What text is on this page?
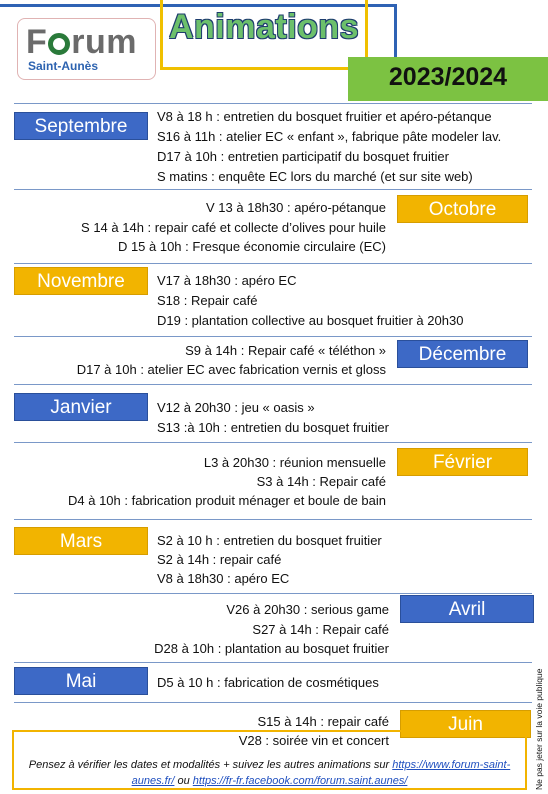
F rum
Saint-Aunès
Animations
2023/2024
Septembre	V8 à 18 h : entretien du bosquet fruitier et apéro-pétanque
S16 à 11h : atelier EC « enfant », fabrique pâte modeler lav.
D17 à 10h : entretien participatif du bosquet fruitier
S matins : enquête EC lors du marché (et sur site web)
Octobre
V 13 à 18h30 : apéro-pétanque
S 14 à 14h : repair café et collecte d’olives pour huile
D 15 à 10h : Fresque économie circulaire (EC)
Novembre	V17 à 18h30 : apéro EC
S18 : Repair café
D19 : plantation collective au bosquet fruitier à 20h30
Décembre
S9 à 14h : Repair café « téléthon »
D17 à 10h : atelier EC avec fabrication vernis et gloss
Janvier	V12 à 20h30 : jeu « oasis »
S13 :à 10h : entretien du bosquet fruitier
Février
L3 à 20h30 : réunion mensuelle
S3 à 14h : Repair café
D4 à 10h : fabrication produit ménager et boule de bain
Mars	S2 à 10 h : entretien du bosquet fruitier
S2 à 14h : repair café
V8 à 18h30 : apéro EC
Avril
V26 à 20h30 : serious game
S27 à 14h : Repair café
D28 à 10h : plantation au bosquet fruitier
Mai	D5 à 10 h : fabrication de cosmétiques
Juin
S15 à 14h : repair café
V28 : soirée vin et concert
Pensez à vérifier les dates et modalités + suivez les autres animations sur https://www.forum-saint-aunes.fr/ ou https://fr-fr.facebook.com/forum.saint.aunes/	Ne pas jeter sur la voie publique
